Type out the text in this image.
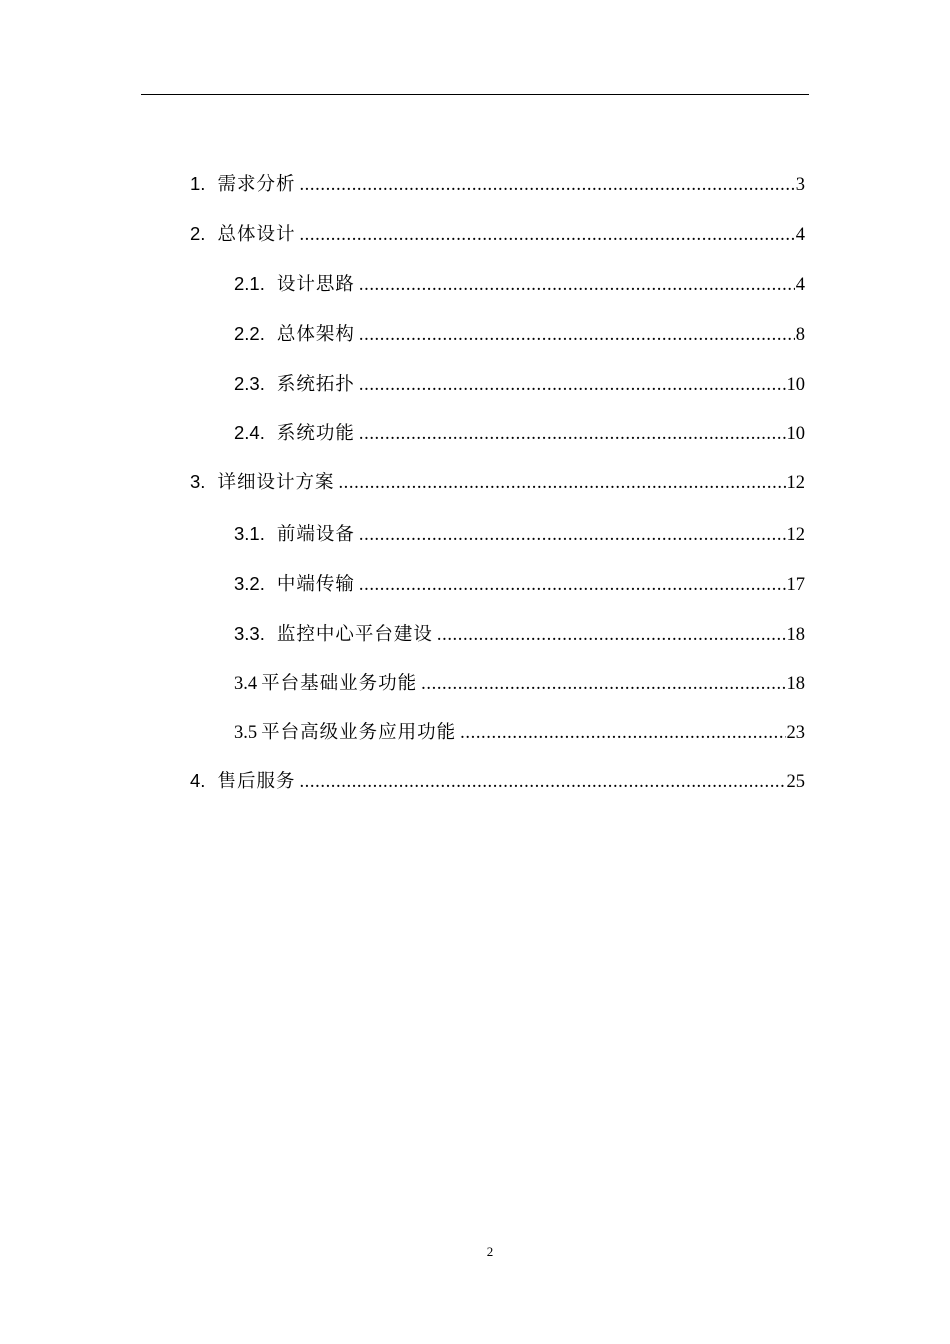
1. 需求分析 .....	3
2. 总体设计 .....	4
2.1. 设计思路 .....	4
2.2. 总体架构 .....	8
2.3. 系统拓扑 .....	10
2.4. 系统功能 .....	10
3. 详细设计方案 .....	12
3.1. 前端设备 .....	12
3.2. 中端传输 .....	17
3.3. 监控中心平台建设 .....	18
3.4 平台基础业务功能 .....	18
3.5 平台高级业务应用功能 .....	23
4. 售后服务 .....	25
2
